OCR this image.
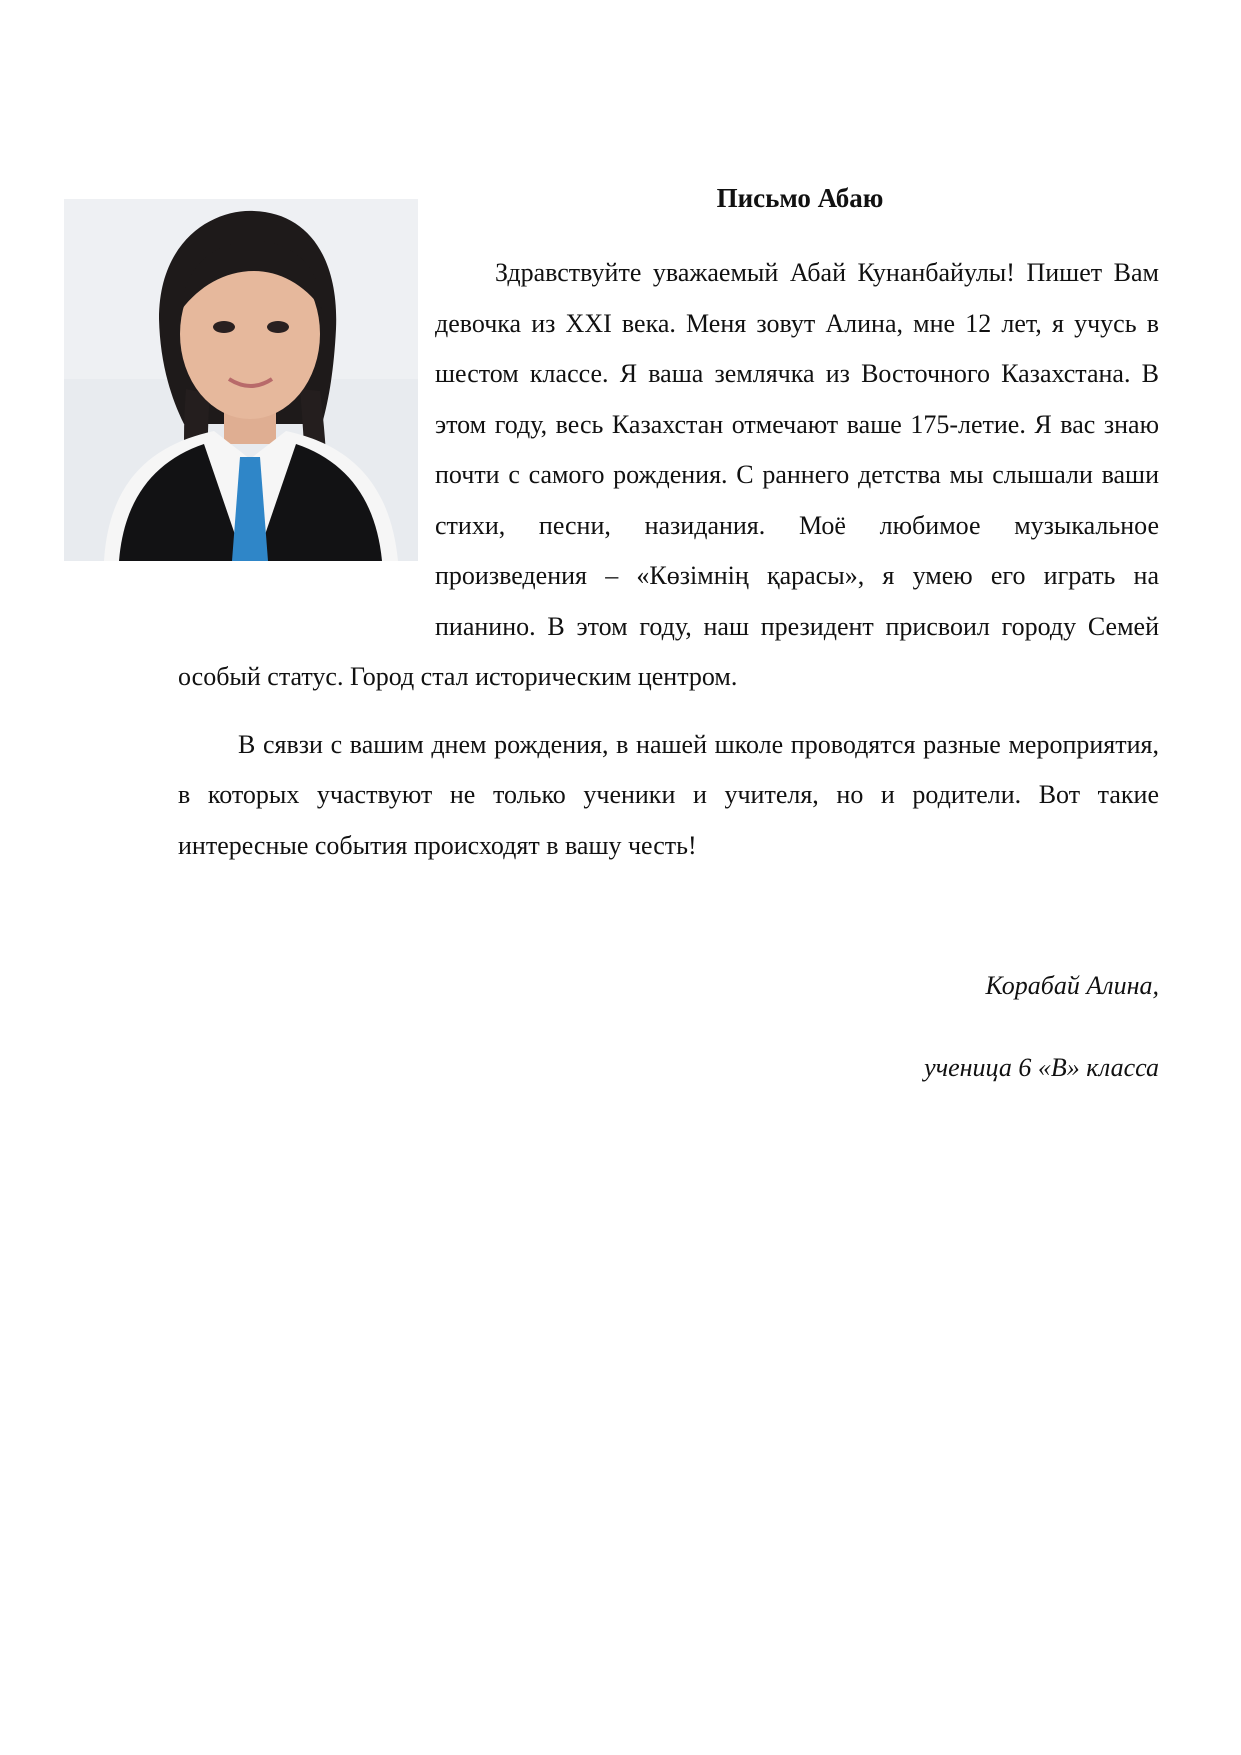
Письмо Абаю

Здравствуйте уважаемый Абай Кунанбайулы! Пишет Вам девочка из XXI века. Меня зовут Алина, мне 12 лет, я учусь в шестом классе. Я ваша землячка из Восточного Казахстана. В этом году, весь Казахстан отмечают ваше 175-летие. Я вас знаю почти с самого рождения. С раннего детства мы слышали ваши стихи, песни, назидания. Моё любимое музыкальное произведения – «Көзімнің қарасы», я умею его играть на пианино. В этом году, наш президент присвоил городу Семей особый статус. Город стал историческим центром.

В сявзи с вашим днем рождения, в нашей школе проводятся разные мероприятия, в которых участвуют не только ученики и учителя, но и родители. Вот такие интересные события происходят в вашу честь!

Корабай Алина,
ученица 6 «В» класса
